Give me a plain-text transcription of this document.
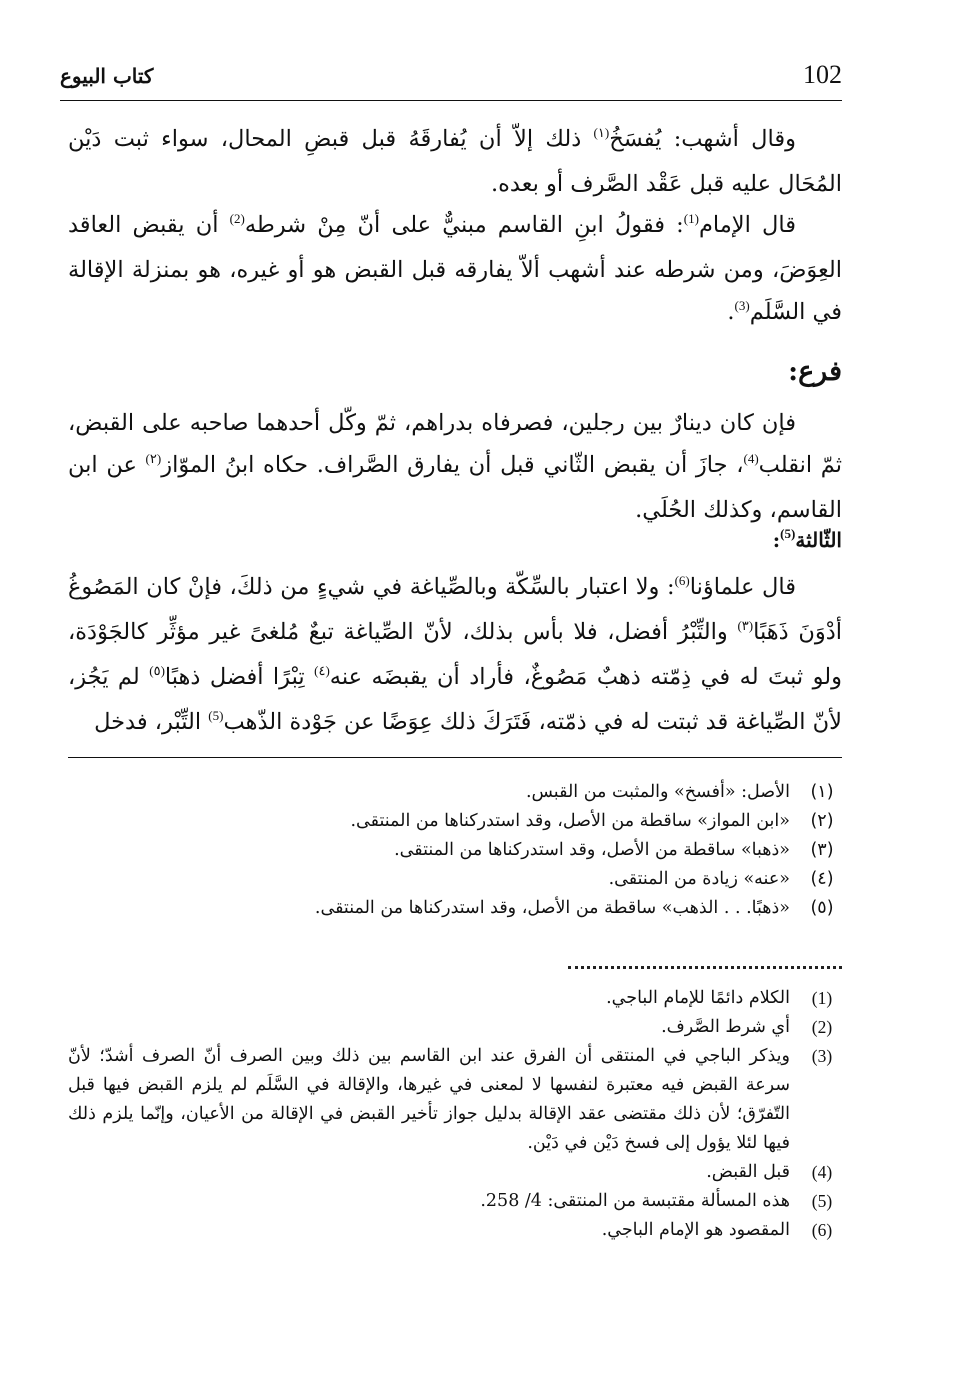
102
كتاب البيوع

وقال أشهب: يُفسَخُ$^{(١)}$ ذلك إلاّ أن يُفارقَهُ قبل قبضِ المحال، سواء ثبت دَيْن المُحَال عليه قبل عَقْد الصَّرف أو بعده.

قال الإمام$^{(1)}$: فقولُ ابنِ القاسم مبنيٌّ على أنّ مِنْ شرطه$^{(2)}$ أن يقبض العاقد العِوَضَ، ومن شرطه عند أشهب ألاّ يفارقه قبل القبض هو أو غيره، هو بمنزلة الإقالة في السَّلَم$^{(3)}$.

فرع:

فإن كان دينارٌ بين رجلين، فصرفاه بدراهم، ثمّ وكّل أحدهما صاحبه على القبض، ثمّ انقلب$^{(4)}$، جازَ أن يقبض الثّاني قبل أن يفارق الصَّراف. حكاه ابنُ الموّاز$^{(٢)}$ عن ابن القاسم، وكذلك الحُلَي.

الثّالثة$^{(5)}$:

قال علماؤنا$^{(6)}$: ولا اعتبار بالسِّكّة وبالصِّياغة في شيءٍ من ذلكَ، فإنْ كان المَصُوغُ أدْوَنَ ذَهَبًا$^{(٣)}$ والتِّبْرُ أفضل، فلا بأس بذلك، لأنّ الصِّياغة تبعٌ مُلغىً غير مؤثِّر كالجَوْدَة، ولو ثبتَ له في ذِمّته ذهبٌ مَصُوغٌ، فأراد أن يقبضَه عنه$^{(٤)}$ تِبْرًا أفضل ذهبًا$^{(٥)}$ لم يَجُز، لأنّ الصِّياغة قد ثبتت له في ذمّته، فَتَرَكَ ذلك عِوَضًا عن جَوْدة الذّهب$^{(5)}$ التِّبْر، فدخل

(١)
الأصل: «أفسخ» والمثبت من القبس.

(٢)
«ابن المواز» ساقطة من الأصل، وقد استدركناها من المنتقى.

(٣)
«ذهبا» ساقطة من الأصل، وقد استدركناها من المنتقى.

(٤)
«عنه» زيادة من المنتقى.

(٥)
«ذهبًا. . . الذهب» ساقطة من الأصل، وقد استدركناها من المنتقى.

(1)
الكلام دائمًا للإمام الباجي.

(2)
أي شرط الصَّرف.

(3)
ويذكر الباجي في المنتقى أن الفرق عند ابن القاسم بين ذلك وبين الصرف أنّ الصرف أشدّ؛ لأنّ سرعة القبض فيه معتبرة لنفسها لا لمعنى في غيرها، والإقالة في السَّلَم لم يلزم القبض فيها قبل التّفرّق؛ لأن ذلك مقتضى عقد الإقالة بدليل جواز تأخير القبض في الإقالة من الأعيان، وإنّما يلزم ذلك فيها لئلا يؤول إلى فسخ دَيْن في دَيْن.

(4)
قبل القبض.

(5)
هذه المسألة مقتبسة من المنتقى: 4/ 258.

(6)
المقصود هو الإمام الباجي.
